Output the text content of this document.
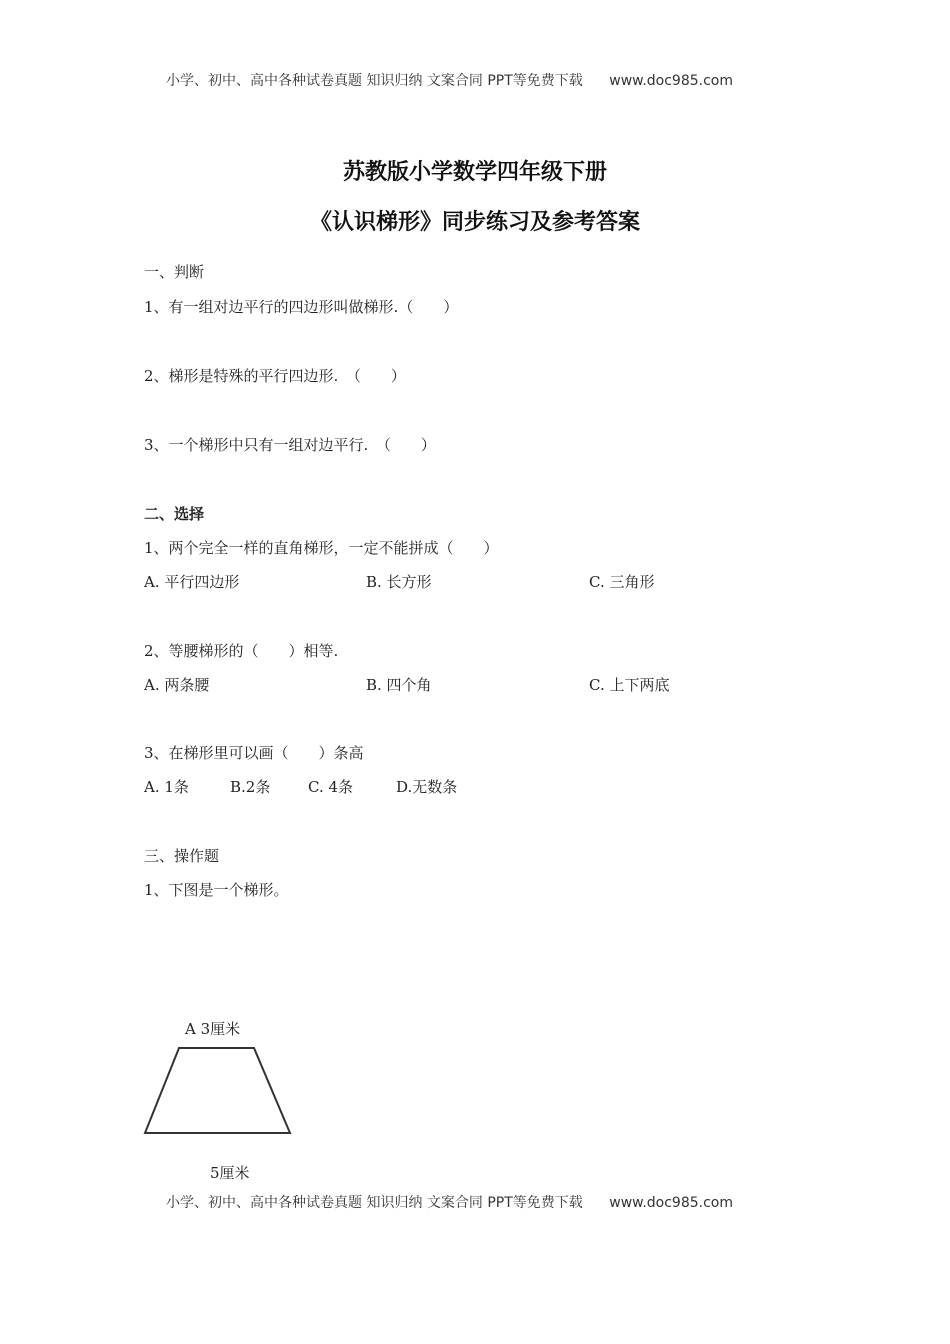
小学、初中、高中各种试卷真题 知识归纳 文案合同 PPT等免费下载 www.doc985.com
苏教版小学数学四年级下册
《认识梯形》同步练习及参考答案
一、判断
1、有一组对边平行的四边形叫做梯形.（　　）
2、梯形是特殊的平行四边形.　（　　）
3、一个梯形中只有一组对边平行.　（　　）
二、选择
1、两个完全一样的直角梯形，一定不能拼成（　　）
A. 平行四边形	B. 长方形	C. 三角形
2、等腰梯形的（　　）相等.
A. 两条腰	B. 四个角	C. 上下两底
3、在梯形里可以画（　　）条高
A. 1条	B.2条	C. 4条	D.无数条
三、操作题
1、下图是一个梯形。
A 3厘米
5厘米
小学、初中、高中各种试卷真题 知识归纳 文案合同 PPT等免费下载 www.doc985.com
